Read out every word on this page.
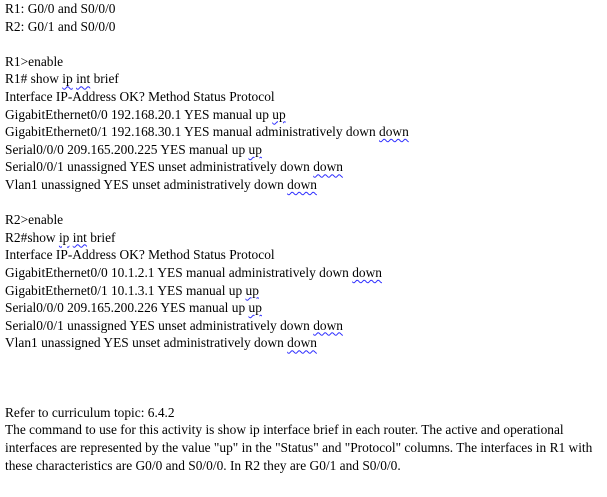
R1: G0/0 and S0/0/0
R2: G0/1 and S0/0/0
R1>enable
R1# show ip int brief
Interface IP-Address OK? Method Status Protocol
GigabitEthernet0/0 192.168.20.1 YES manual up up
GigabitEthernet0/1 192.168.30.1 YES manual administratively down down
Serial0/0/0 209.165.200.225 YES manual up up
Serial0/0/1 unassigned YES unset administratively down down
Vlan1 unassigned YES unset administratively down down
R2>enable
R2#show ip int brief
Interface IP-Address OK? Method Status Protocol
GigabitEthernet0/0 10.1.2.1 YES manual administratively down down
GigabitEthernet0/1 10.1.3.1 YES manual up up
Serial0/0/0 209.165.200.226 YES manual up up
Serial0/0/1 unassigned YES unset administratively down down
Vlan1 unassigned YES unset administratively down down
Refer to curriculum topic: 6.4.2
The command to use for this activity is show ip interface brief in each router. The active and operational interfaces are represented by the value "up" in the "Status" and "Protocol" columns. The interfaces in R1 with these characteristics are G0/0 and S0/0/0. In R2 they are G0/1 and S0/0/0.
